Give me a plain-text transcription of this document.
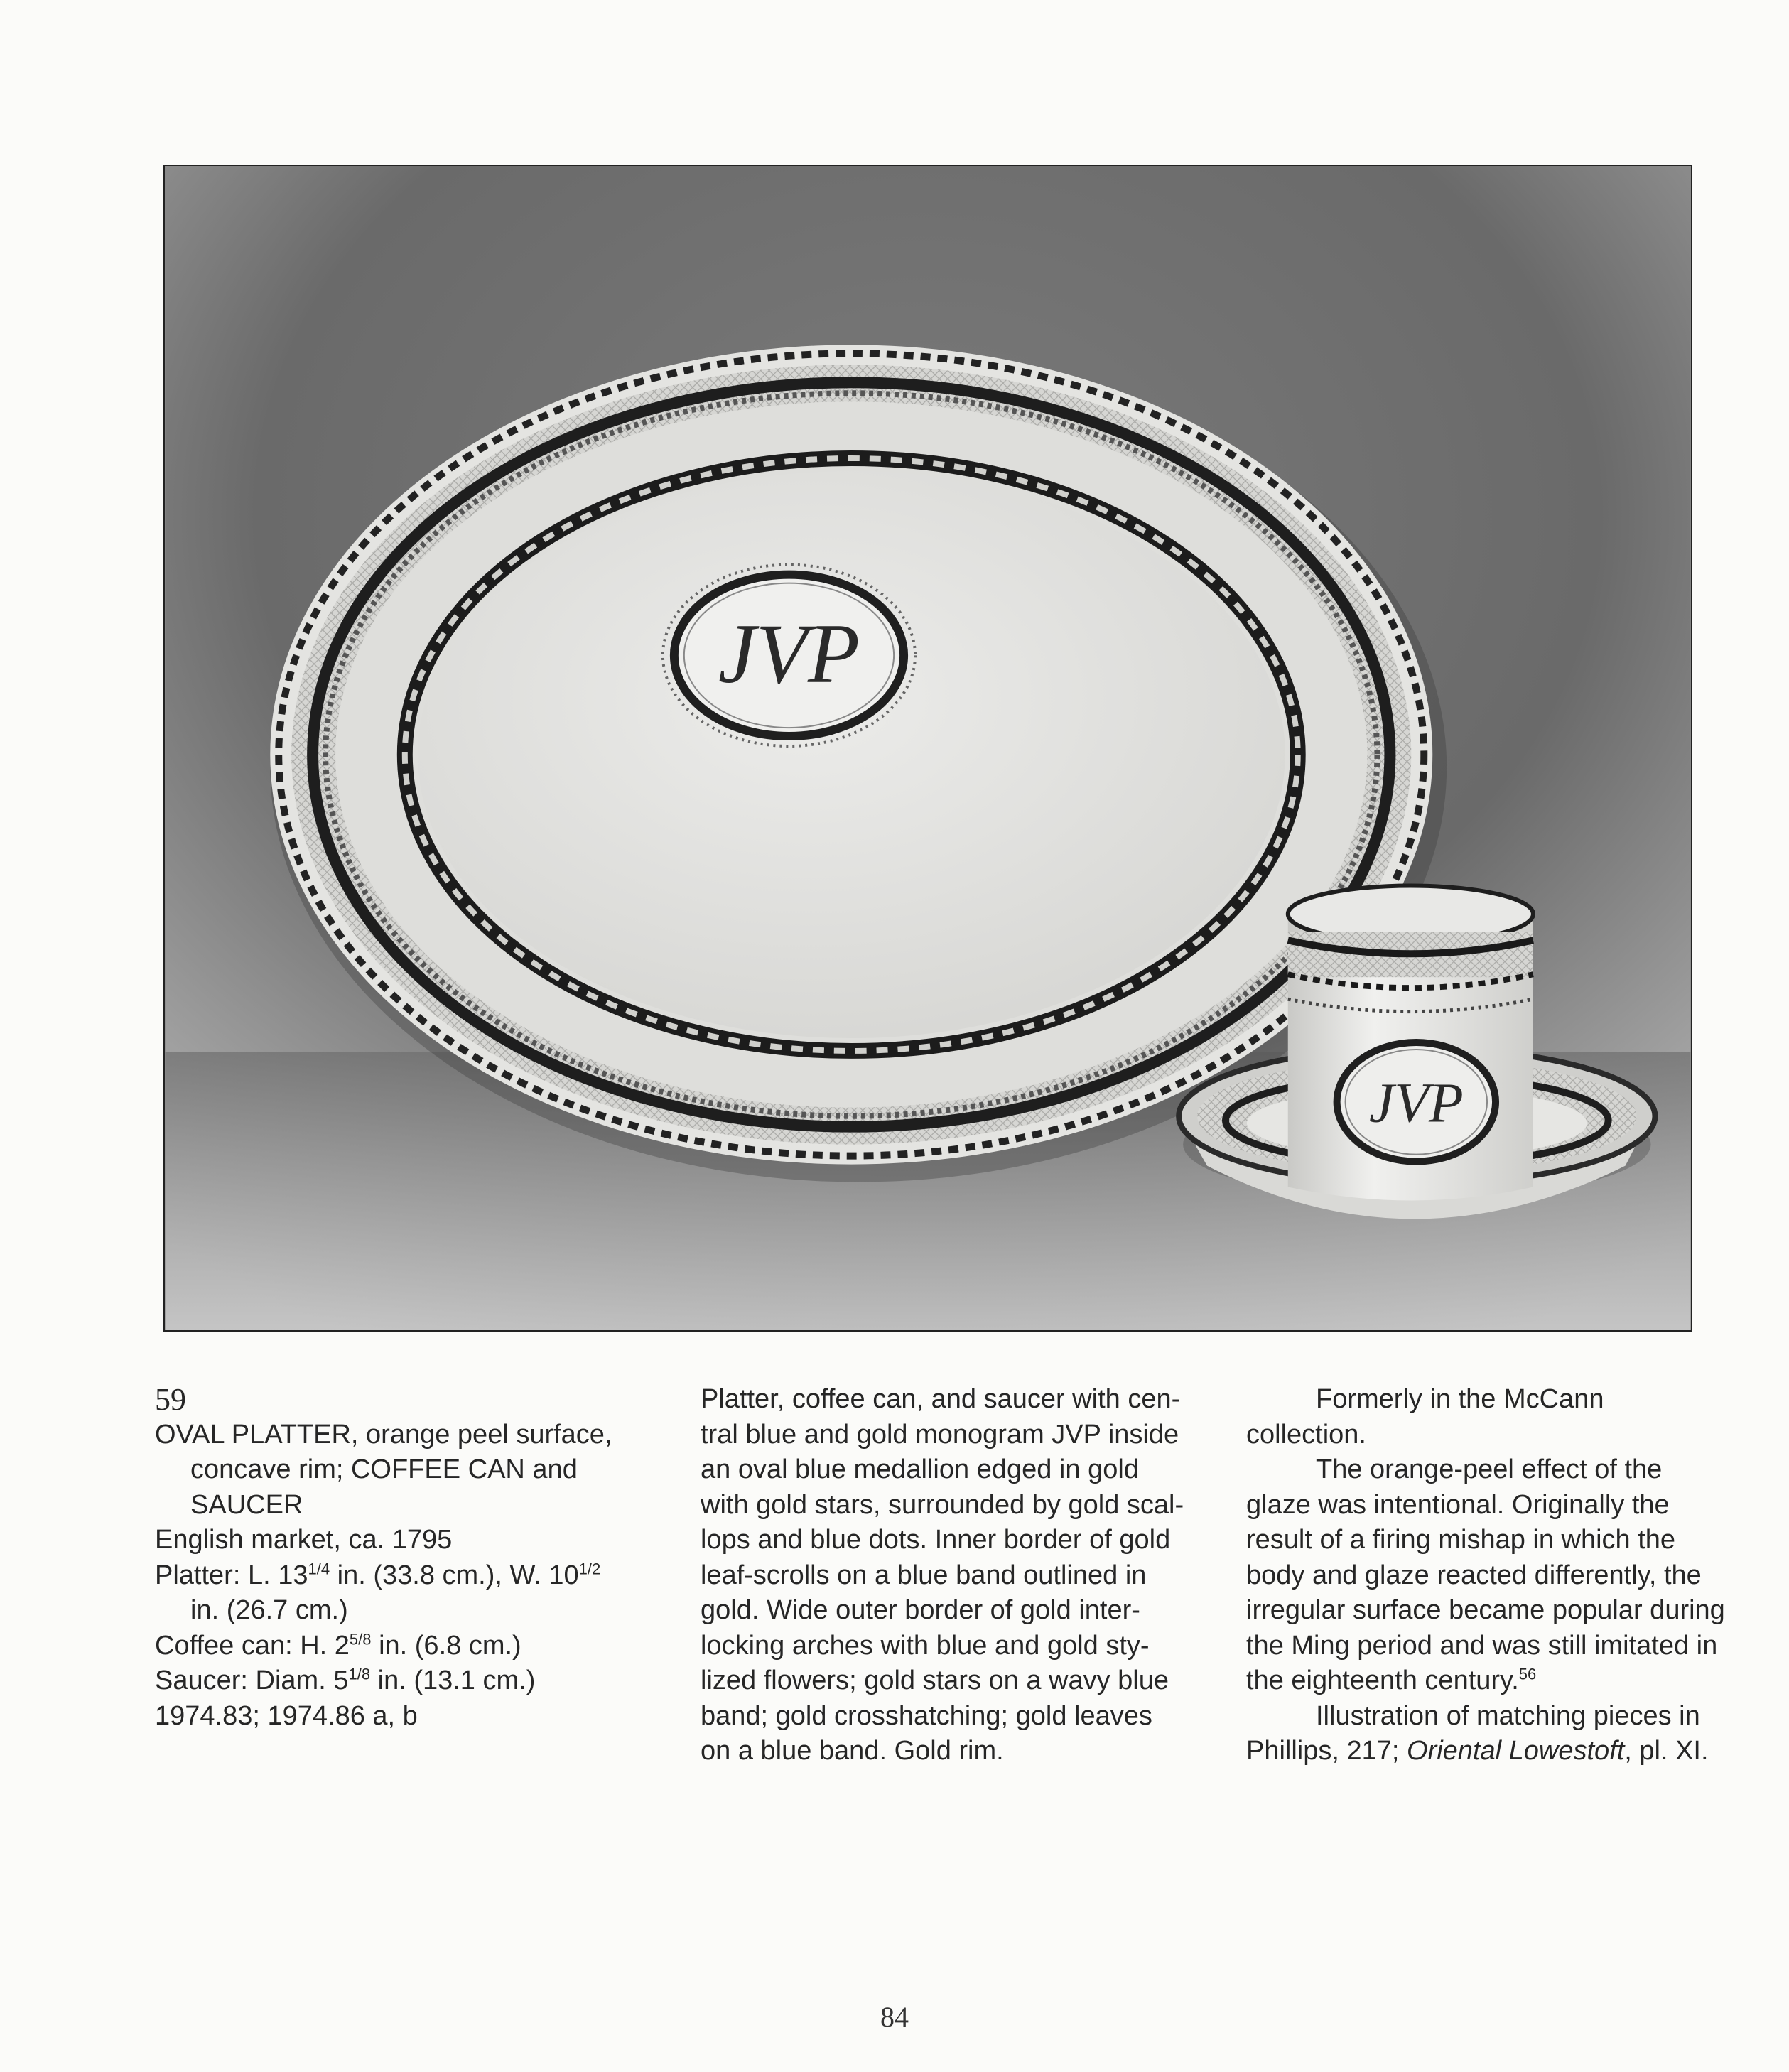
JVP
JVP

59

OVAL PLATTER, orange peel surface,
concave rim; COFFEE CAN and
SAUCER

English market, ca. 1795

Platter: L. $13^{1/4}$ in. (33.8 cm.), W. $10^{1/2}$
in. (26.7 cm.)

Coffee can: H. $2^{5/8}$ in. (6.8 cm.)

Saucer: Diam. $5^{1/8}$ in. (13.1 cm.)

1974.83; 1974.86 a, b

Platter, coffee can, and saucer with cen-

tral blue and gold monogram JVP inside

an oval blue medallion edged in gold

with gold stars, surrounded by gold scal-

lops and blue dots. Inner border of gold

leaf-scrolls on a blue band outlined in

gold. Wide outer border of gold inter-

locking arches with blue and gold sty-

lized flowers; gold stars on a wavy blue

band; gold crosshatching; gold leaves

on a blue band. Gold rim.

Formerly in the McCann

collection.

The orange-peel effect of the

glaze was intentional. Originally the

result of a firing mishap in which the

body and glaze reacted differently, the

irregular surface became popular during

the Ming period and was still imitated in

the eighteenth century.$^{56}$

Illustration of matching pieces in

Phillips, 217; Oriental Lowestoft, pl. XI.

84
